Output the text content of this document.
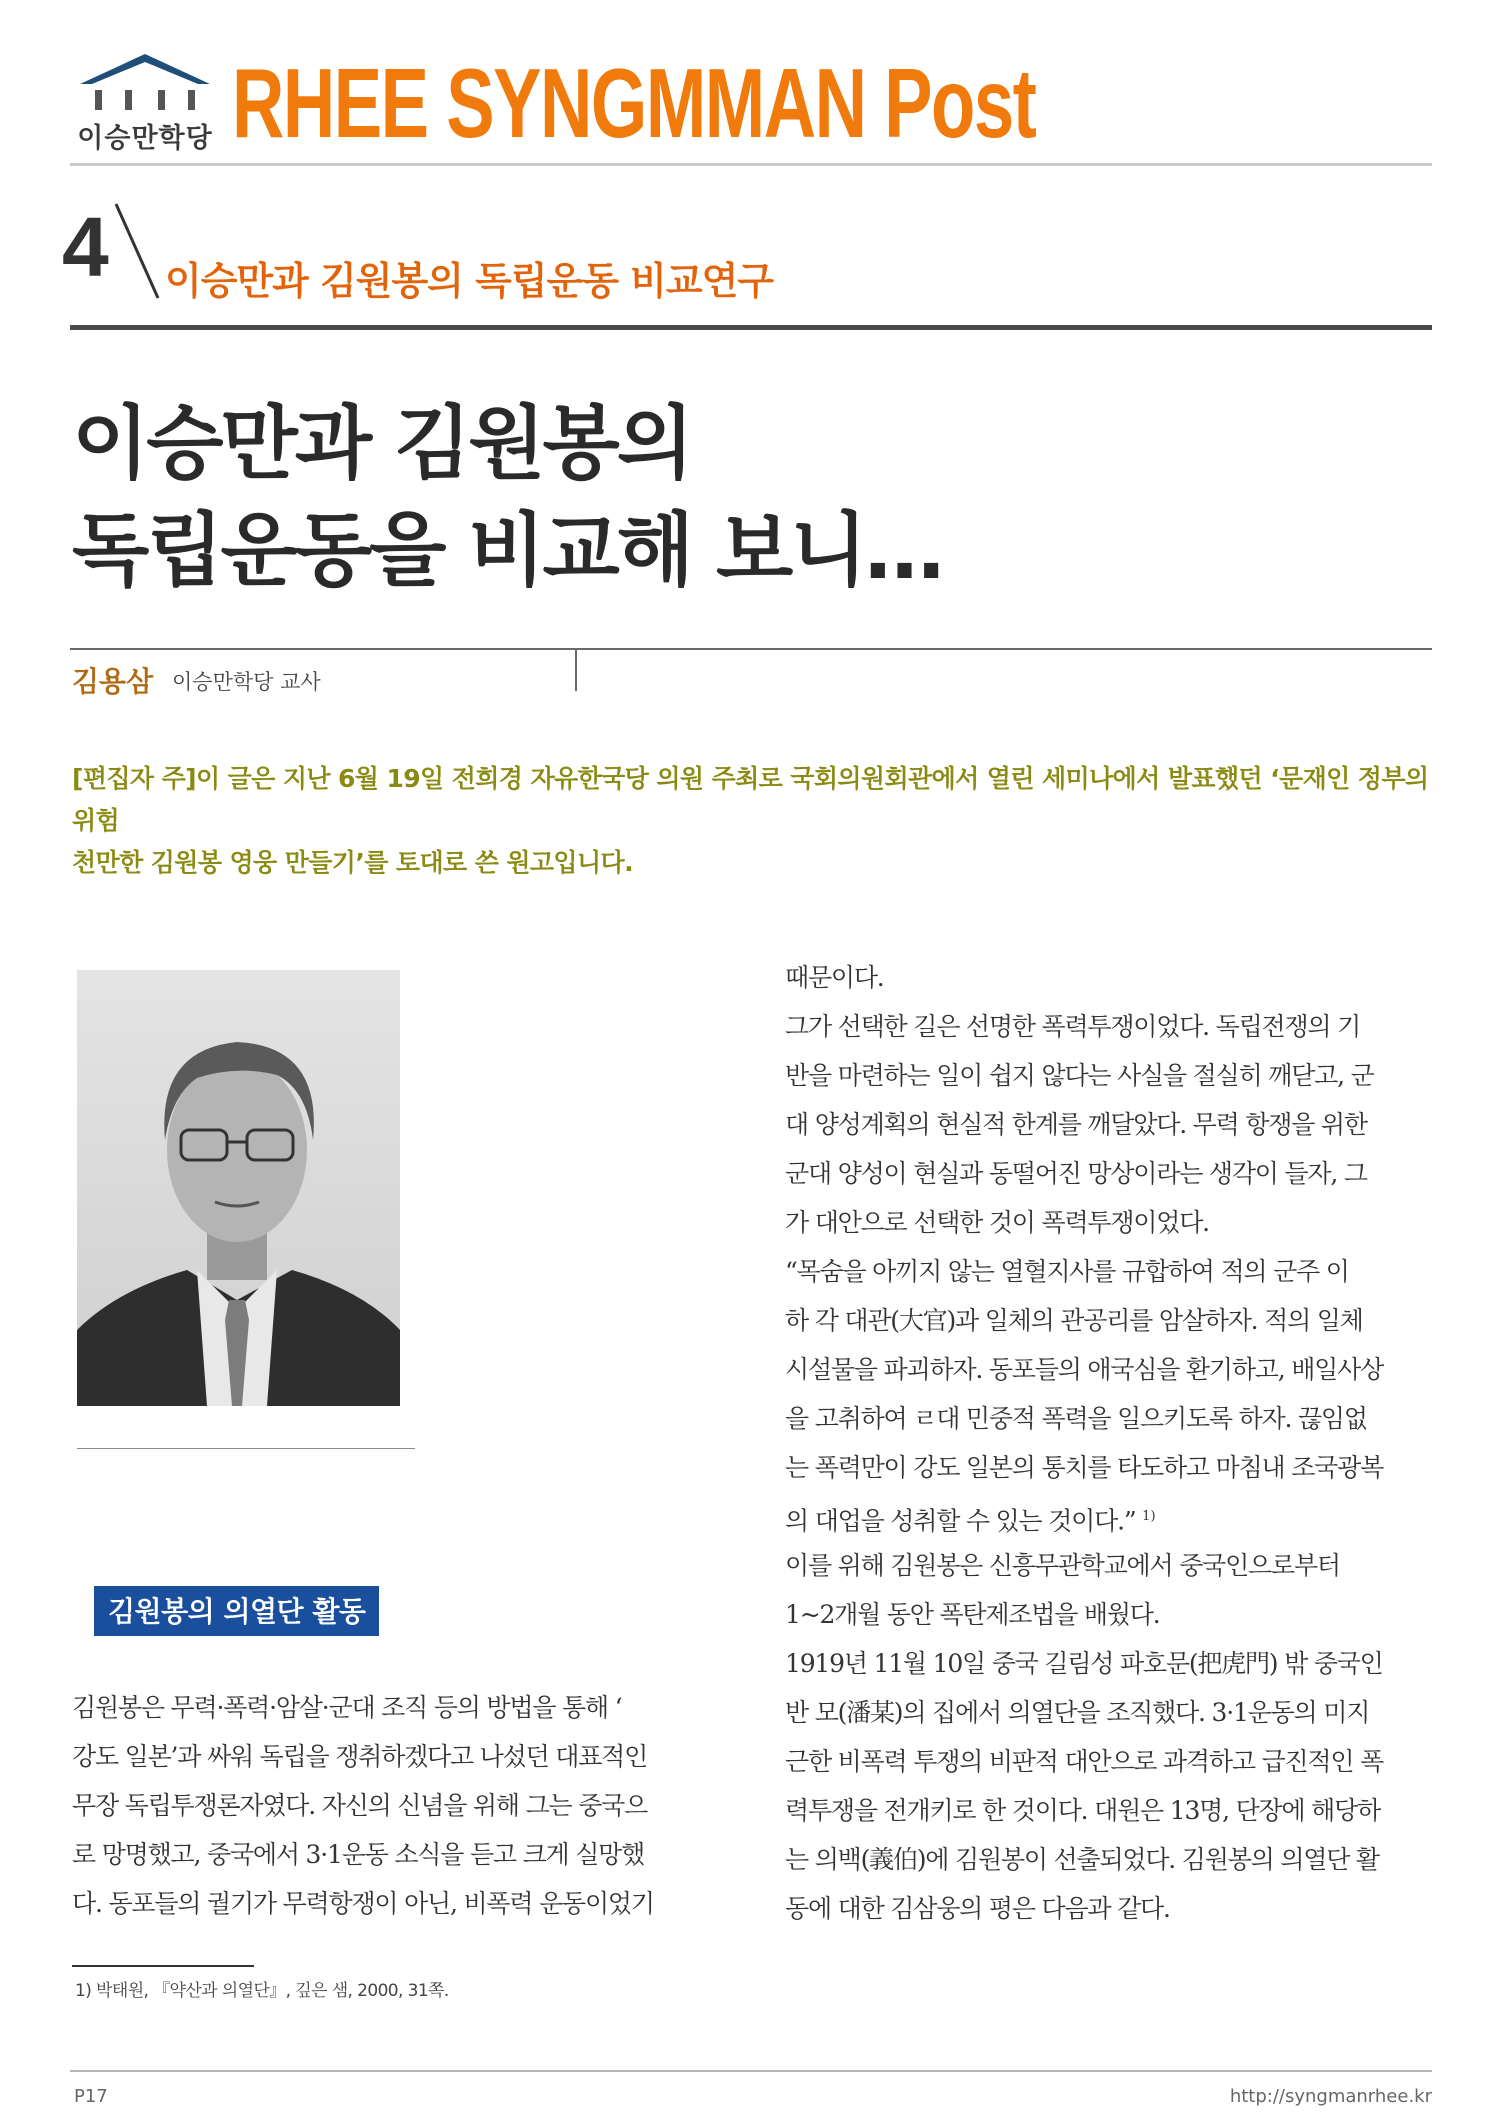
이승만학당 RHEE SYNGMMAN Post
4 이승만과 김원봉의 독립운동 비교연구
이승만과 김원봉의
독립운동을 비교해 보니…
김용삼 이승만학당 교사
[편집자 주]이 글은 지난 6월 19일 전희경 자유한국당 의원 주최로 국회의원회관에서 열린 세미나에서 발표했던 ‘문재인 정부의 위험
천만한 김원봉 영웅 만들기’를 토대로 쓴 원고입니다.
김원봉의 의열단 활동
김원봉은 무력·폭력·암살·군대 조직 등의 방법을 통해 ‘
강도 일본’과 싸워 독립을 쟁취하겠다고 나섰던 대표적인
무장 독립투쟁론자였다. 자신의 신념을 위해 그는 중국으
로 망명했고, 중국에서 3·1운동 소식을 듣고 크게 실망했
다. 동포들의 궐기가 무력항쟁이 아닌, 비폭력 운동이었기
때문이다.
그가 선택한 길은 선명한 폭력투쟁이었다. 독립전쟁의 기
반을 마련하는 일이 쉽지 않다는 사실을 절실히 깨닫고, 군
대 양성계획의 현실적 한계를 깨달았다. 무력 항쟁을 위한
군대 양성이 현실과 동떨어진 망상이라는 생각이 들자, 그
가 대안으로 선택한 것이 폭력투쟁이었다.
“목숨을 아끼지 않는 열혈지사를 규합하여 적의 군주 이
하 각 대관(大官)과 일체의 관공리를 암살하자. 적의 일체
시설물을 파괴하자. 동포들의 애국심을 환기하고, 배일사상
을 고취하여 ㄹ대 민중적 폭력을 일으키도록 하자. 끊임없
는 폭력만이 강도 일본의 통치를 타도하고 마침내 조국광복
의 대업을 성취할 수 있는 것이다.” $^{1)}$
이를 위해 김원봉은 신흥무관학교에서 중국인으로부터
1~2개월 동안 폭탄제조법을 배웠다.
1919년 11월 10일 중국 길림성 파호문(把虎門) 밖 중국인
반 모(潘某)의 집에서 의열단을 조직했다. 3·1운동의 미지
근한 비폭력 투쟁의 비판적 대안으로 과격하고 급진적인 폭
력투쟁을 전개키로 한 것이다. 대원은 13명, 단장에 해당하
는 의백(義伯)에 김원봉이 선출되었다. 김원봉의 의열단 활
동에 대한 김삼웅의 평은 다음과 같다.
1) 박태원, 『약산과 의열단』, 깊은 샘, 2000, 31쪽.
P17	http://syngmanrhee.kr
